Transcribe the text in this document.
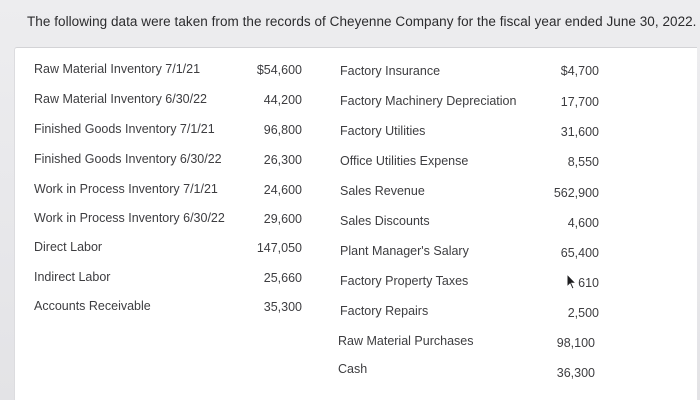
The following data were taken from the records of Cheyenne Company for the fiscal year ended June 30, 2022.
Raw Material Inventory 7/1/21
Raw Material Inventory 6/30/22
Finished Goods Inventory 7/1/21
Finished Goods Inventory 6/30/22
Work in Process Inventory 7/1/21
Work in Process Inventory 6/30/22
Direct Labor
Indirect Labor
Accounts Receivable
$54,600
44,200
96,800
26,300
24,600
29,600
147,050
25,660
35,300
Factory Insurance
Factory Machinery Depreciation
Factory Utilities
Office Utilities Expense
Sales Revenue
Sales Discounts
Plant Manager's Salary
Factory Property Taxes
Factory Repairs
Raw Material Purchases
Cash
$4,700
17,700
31,600
8,550
562,900
4,600
65,400
610
2,500
98,100
36,300
